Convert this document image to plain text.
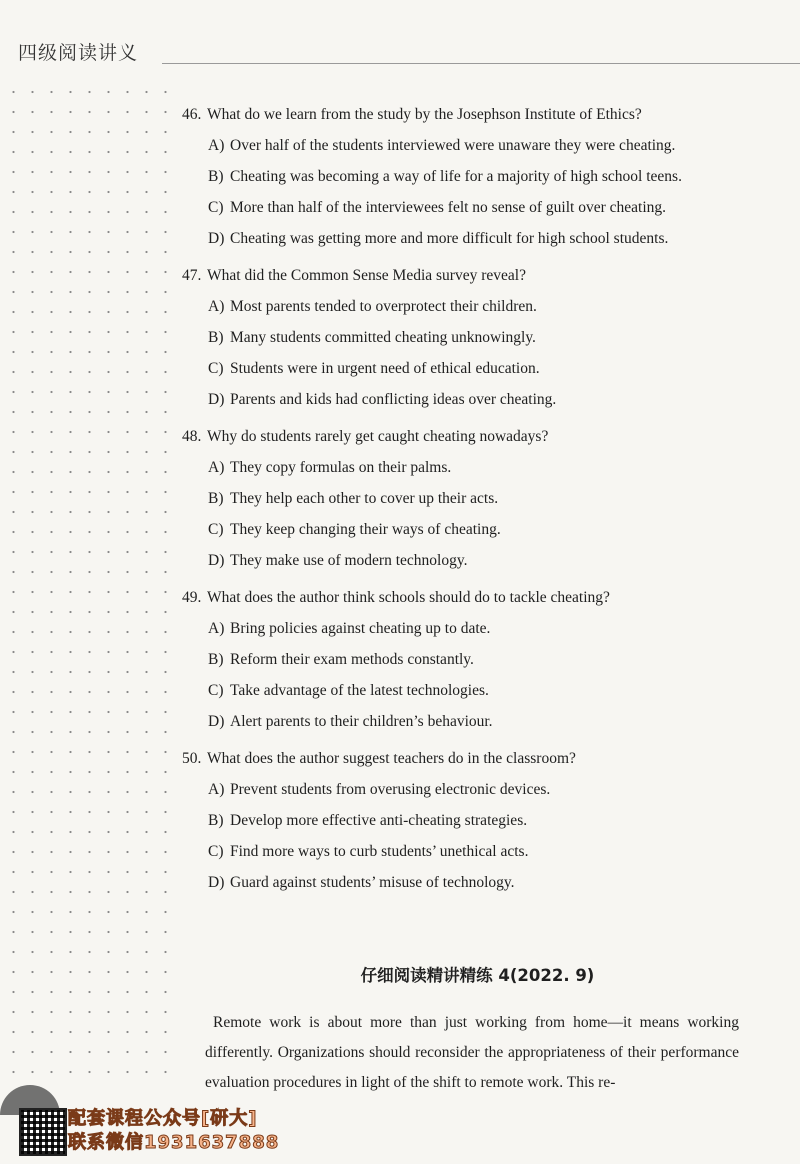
四级阅读讲义
46. What do we learn from the study by the Josephson Institute of Ethics?
A) Over half of the students interviewed were unaware they were cheating.
B) Cheating was becoming a way of life for a majority of high school teens.
C) More than half of the interviewees felt no sense of guilt over cheating.
D) Cheating was getting more and more difficult for high school students.
47. What did the Common Sense Media survey reveal?
A) Most parents tended to overprotect their children.
B) Many students committed cheating unknowingly.
C) Students were in urgent need of ethical education.
D) Parents and kids had conflicting ideas over cheating.
48. Why do students rarely get caught cheating nowadays?
A) They copy formulas on their palms.
B) They help each other to cover up their acts.
C) They keep changing their ways of cheating.
D) They make use of modern technology.
49. What does the author think schools should do to tackle cheating?
A) Bring policies against cheating up to date.
B) Reform their exam methods constantly.
C) Take advantage of the latest technologies.
D) Alert parents to their children’s behaviour.
50. What does the author suggest teachers do in the classroom?
A) Prevent students from overusing electronic devices.
B) Develop more effective anti-cheating strategies.
C) Find more ways to curb students’ unethical acts.
D) Guard against students’ misuse of technology.
仔细阅读精讲精练 4(2022. 9)
Remote work is about more than just working from home—it means working differently. Organizations should reconsider the appropriateness of their performance evaluation procedures in light of the shift to remote work. This re-
配套课程公众号[研大]
联系微信1931637888
